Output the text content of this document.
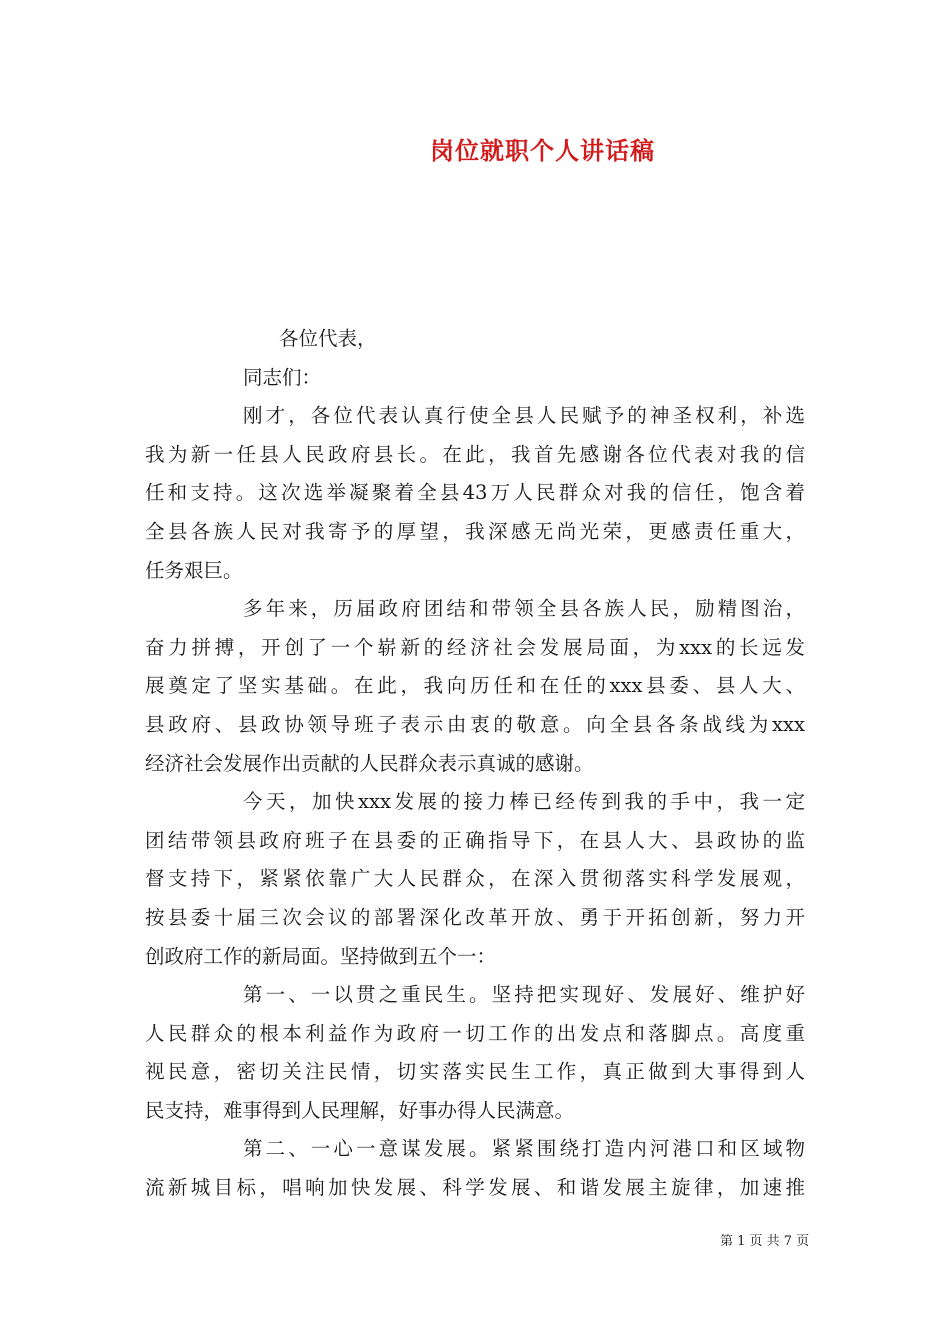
岗位就职个人讲话稿
各位代表，
同志们：
刚才，各位代表认真行使全县人民赋予的神圣权利，补选
我为新一任县人民政府县长。在此，我首先感谢各位代表对我的信
任和支持。这次选举凝聚着全县43万人民群众对我的信任，饱含着
全县各族人民对我寄予的厚望，我深感无尚光荣，更感责任重大，
任务艰巨。
多年来，历届政府团结和带领全县各族人民，励精图治，
奋力拼搏，开创了一个崭新的经济社会发展局面，为xxx的长远发
展奠定了坚实基础。在此，我向历任和在任的xxx县委、县人大、
县政府、县政协领导班子表示由衷的敬意。向全县各条战线为xxx
经济社会发展作出贡献的人民群众表示真诚的感谢。
今天，加快xxx发展的接力棒已经传到我的手中，我一定
团结带领县政府班子在县委的正确指导下，在县人大、县政协的监
督支持下，紧紧依靠广大人民群众，在深入贯彻落实科学发展观，
按县委十届三次会议的部署深化改革开放、勇于开拓创新，努力开
创政府工作的新局面。坚持做到五个一：
第一、一以贯之重民生。坚持把实现好、发展好、维护好
人民群众的根本利益作为政府一切工作的出发点和落脚点。高度重
视民意，密切关注民情，切实落实民生工作，真正做到大事得到人
民支持，难事得到人民理解，好事办得人民满意。
第二、一心一意谋发展。紧紧围绕打造内河港口和区域物
流新城目标，唱响加快发展、科学发展、和谐发展主旋律，加速推
第 1 页 共 7 页
